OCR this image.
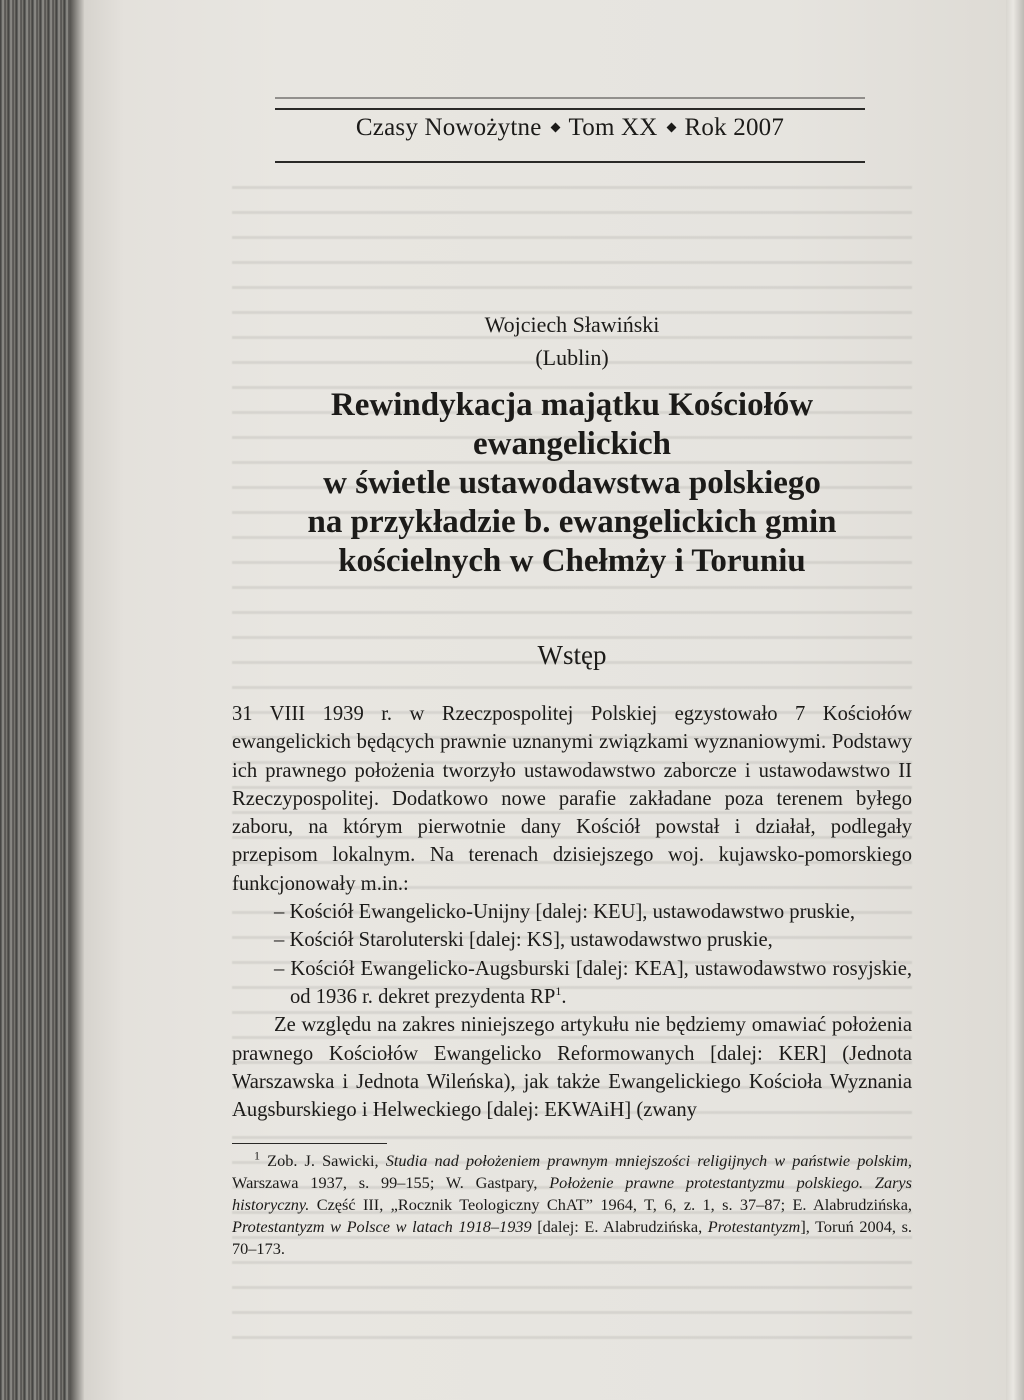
Czasy Nowożytne Tom XX Rok 2007
Wojciech Sławiński
(Lublin)
Rewindykacja majątku Kościołów ewangelickich
w świetle ustawodawstwa polskiego
na przykładzie b. ewangelickich gmin
kościelnych w Chełmży i Toruniu
Wstęp

31 VIII 1939 r. w Rzeczpospolitej Polskiej egzystowało 7 Kościołów ewangelickich będących prawnie uznanymi związkami wyznaniowymi. Podstawy ich prawnego położenia tworzyło ustawodawstwo zaborcze i ustawodawstwo II Rzeczypospolitej. Dodatkowo nowe parafie zakładane poza terenem byłego zaboru, na którym pierwotnie dany Kościół powstał i działał, podlegały przepisom lokalnym. Na terenach dzisiejszego woj. kujawsko-pomorskiego funkcjonowały m.in.:

– Kościół Ewangelicko-Unijny [dalej: KEU], ustawodawstwo pruskie,

– Kościół Staroluterski [dalej: KS], ustawodawstwo pruskie,

– Kościół Ewangelicko-Augsburski [dalej: KEA], ustawodawstwo rosyjskie, od 1936 r. dekret prezydenta $RP^1$.

Ze względu na zakres niniejszego artykułu nie będziemy omawiać położenia prawnego Kościołów Ewangelicko Reformowanych [dalej: KER] (Jednota Warszawska i Jednota Wileńska), jak także Ewangelickiego Kościoła Wyznania Augsburskiego i Helweckiego [dalej: EKWAiH] (zwany

$^1$ Zob. J. Sawicki, Studia nad położeniem prawnym mniejszości religijnych w państwie polskim, Warszawa 1937, s. 99–155; W. Gastpary, Położenie prawne protestantyzmu polskiego. Zarys historyczny. Część III, „Rocznik Teologiczny ChAT” 1964, T, 6, z. 1, s. 37–87; E. Alabrudzińska, Protestantyzm w Polsce w latach 1918–1939 [dalej: E. Alabrudzińska, Protestantyzm], Toruń 2004, s. 70–173.
